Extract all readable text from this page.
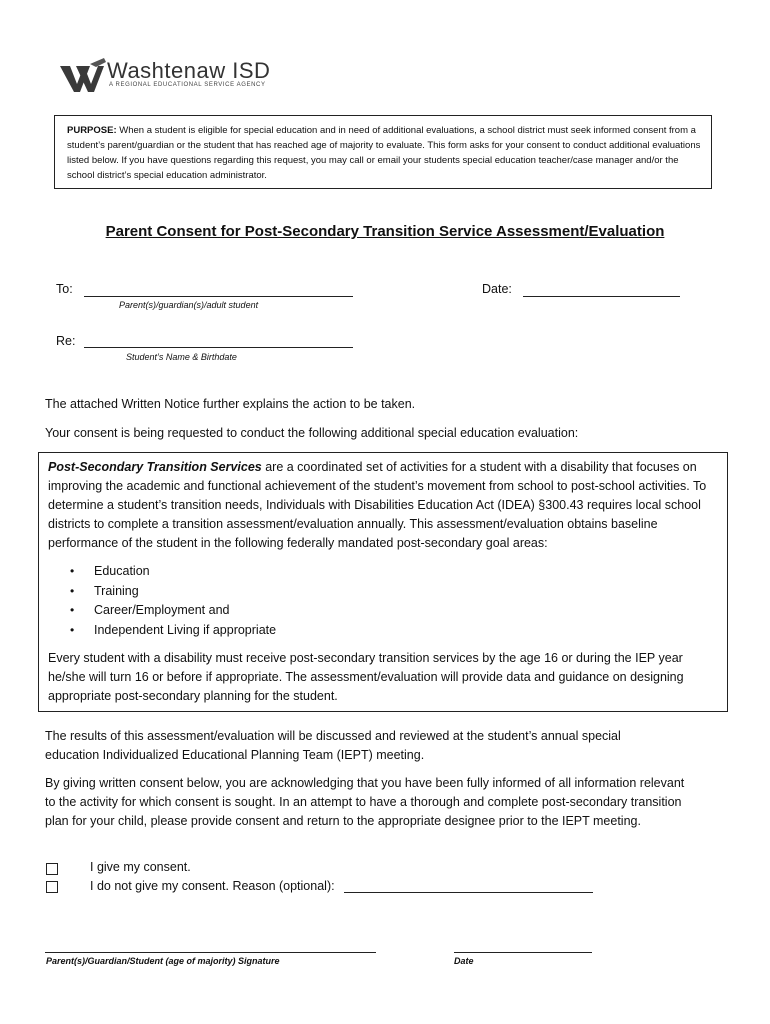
Washtenaw ISD
A REGIONAL EDUCATIONAL SERVICE AGENCY
PURPOSE: When a student is eligible for special education and in need of additional evaluations, a school district must seek informed consent from a student’s parent/guardian or the student that has reached age of majority to evaluate. This form asks for your consent to conduct additional evaluations listed below. If you have questions regarding this request, you may call or email your students special education teacher/case manager and/or the school district’s special education administrator.
Parent Consent for Post-Secondary Transition Service Assessment/Evaluation
To:
Parent(s)/guardian(s)/adult student
Date:
Re:
Student’s Name & Birthdate
The attached Written Notice further explains the action to be taken.
Your consent is being requested to conduct the following additional special education evaluation:
Post-Secondary Transition Services are a coordinated set of activities for a student with a disability that focuses on improving the academic and functional achievement of the student’s movement from school to post-school activities. To determine a student’s transition needs, Individuals with Disabilities Education Act (IDEA) §300.43 requires local school districts to complete a transition assessment/evaluation annually. This assessment/evaluation obtains baseline performance of the student in the following federally mandated post-secondary goal areas:
• Education
• Training
• Career/Employment and
• Independent Living if appropriate
Every student with a disability must receive post-secondary transition services by the age 16 or during the IEP year he/she will turn 16 or before if appropriate. The assessment/evaluation will provide data and guidance on designing appropriate post-secondary planning for the student.
The results of this assessment/evaluation will be discussed and reviewed at the student’s annual special education Individualized Educational Planning Team (IEPT) meeting.
By giving written consent below, you are acknowledging that you have been fully informed of all information relevant to the activity for which consent is sought. In an attempt to have a thorough and complete post-secondary transition plan for your child, please provide consent and return to the appropriate designee prior to the IEPT meeting.
I give my consent.
I do not give my consent. Reason (optional):
Parent(s)/Guardian/Student (age of majority) Signature	Date
